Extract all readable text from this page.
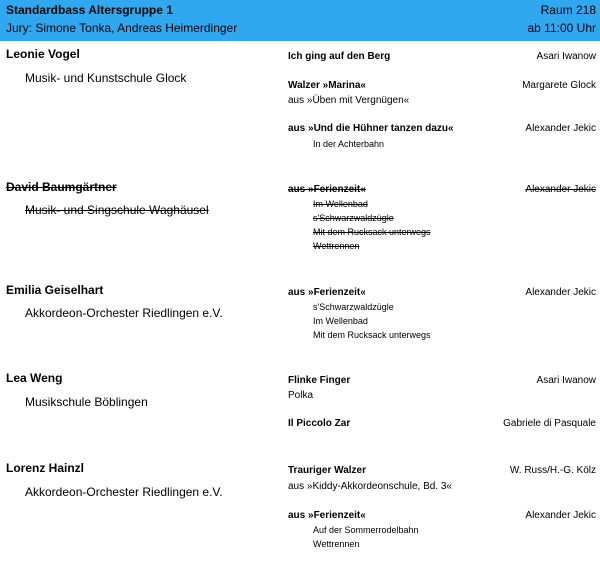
Standardbass Altersgruppe 1
Jury: Simone Tonka, Andreas Heimerdinger
Raum 218
ab 11:00 Uhr
Leonie Vogel
Musik- und Kunstschule Glock
Ich ging auf den Berg	Asari Iwanow
Walzer »Marina«	Margarete Glock
aus »Üben mit Vergnügen«
aus »Und die Hühner tanzen dazu«	Alexander Jekic
In der Achterbahn
David Baumgärtner
Musik- und Singschule Waghäusel
aus »Ferienzeit«	Alexander Jekic
Im Wellenbad
s'Schwarzwaldzügle
Mit dem Rucksack unterwegs
Wettrennen
Emilia Geiselhart
Akkordeon-Orchester Riedlingen e.V.
aus »Ferienzeit«	Alexander Jekic
s'Schwarzwaldzügle
Im Wellenbad
Mit dem Rucksack unterwegs
Lea Weng
Musikschule Böblingen
Flinke Finger	Asari Iwanow
Polka
Il Piccolo Zar	Gabriele di Pasquale
Lorenz Hainzl
Akkordeon-Orchester Riedlingen e.V.
Trauriger Walzer	W. Russ/H.-G. Kölz
aus »Kiddy-Akkordeonschule, Bd. 3«
aus »Ferienzeit«	Alexander Jekic
Auf der Sommerrodelbahn
Wettrennen
